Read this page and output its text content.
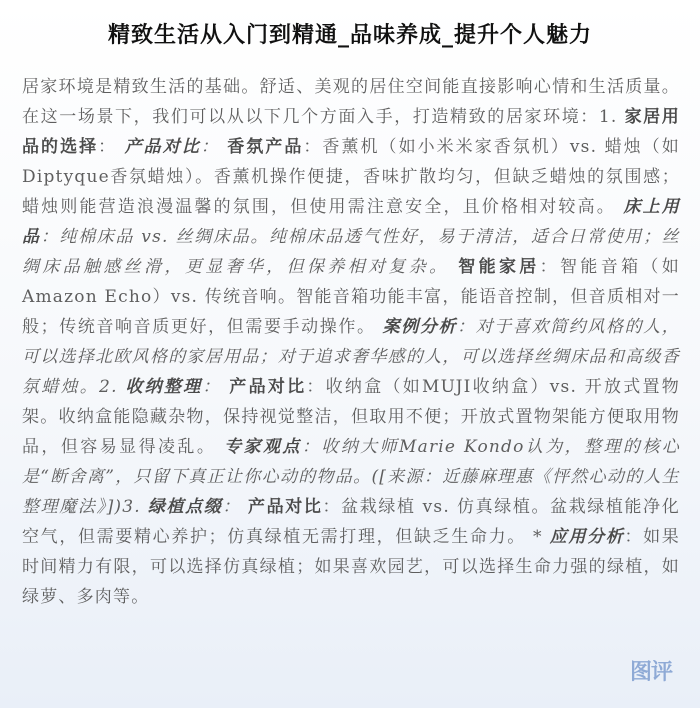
精致生活从入门到精通_品味养成_提升个人魅力
居家环境是精致生活的基础。舒适、美观的居住空间能直接影响心情和生活质量。在这一场景下，我们可以从以下几个方面入手，打造精致的居家环境：1. 家居用品的选择： 产品对比： 香氛产品：香薰机（如小米米家香氛机）vs. 蜡烛（如Diptyque香氛蜡烛）。香薰机操作便捷，香味扩散均匀，但缺乏蜡烛的氛围感；蜡烛则能营造浪漫温馨的氛围，但使用需注意安全，且价格相对较高。 床上用品：纯棉床品 vs. 丝绸床品。纯棉床品透气性好，易于清洁，适合日常使用；丝绸床品触感丝滑，更显奢华，但保养相对复杂。 智能家居：智能音箱（如Amazon Echo）vs. 传统音响。智能音箱功能丰富，能语音控制，但音质相对一般；传统音响音质更好，但需要手动操作。 案例分析：对于喜欢简约风格的人，可以选择北欧风格的家居用品；对于追求奢华感的人，可以选择丝绸床品和高级香氛蜡烛。2. 收纳整理： 产品对比：收纳盒（如MUJI收纳盒）vs. 开放式置物架。收纳盒能隐藏杂物，保持视觉整洁，但取用不便；开放式置物架能方便取用物品，但容易显得凌乱。 专家观点：收纳大师Marie Kondo认为，整理的核心是“断舍离”，只留下真正让你心动的物品。([来源：近藤麻理惠《怦然心动的人生整理魔法》])3. 绿植点缀： 产品对比：盆栽绿植 vs. 仿真绿植。盆栽绿植能净化空气，但需要精心养护；仿真绿植无需打理，但缺乏生命力。 * 应用分析：如果时间精力有限，可以选择仿真绿植；如果喜欢园艺，可以选择生命力强的绿植，如绿萝、多肉等。
图评
